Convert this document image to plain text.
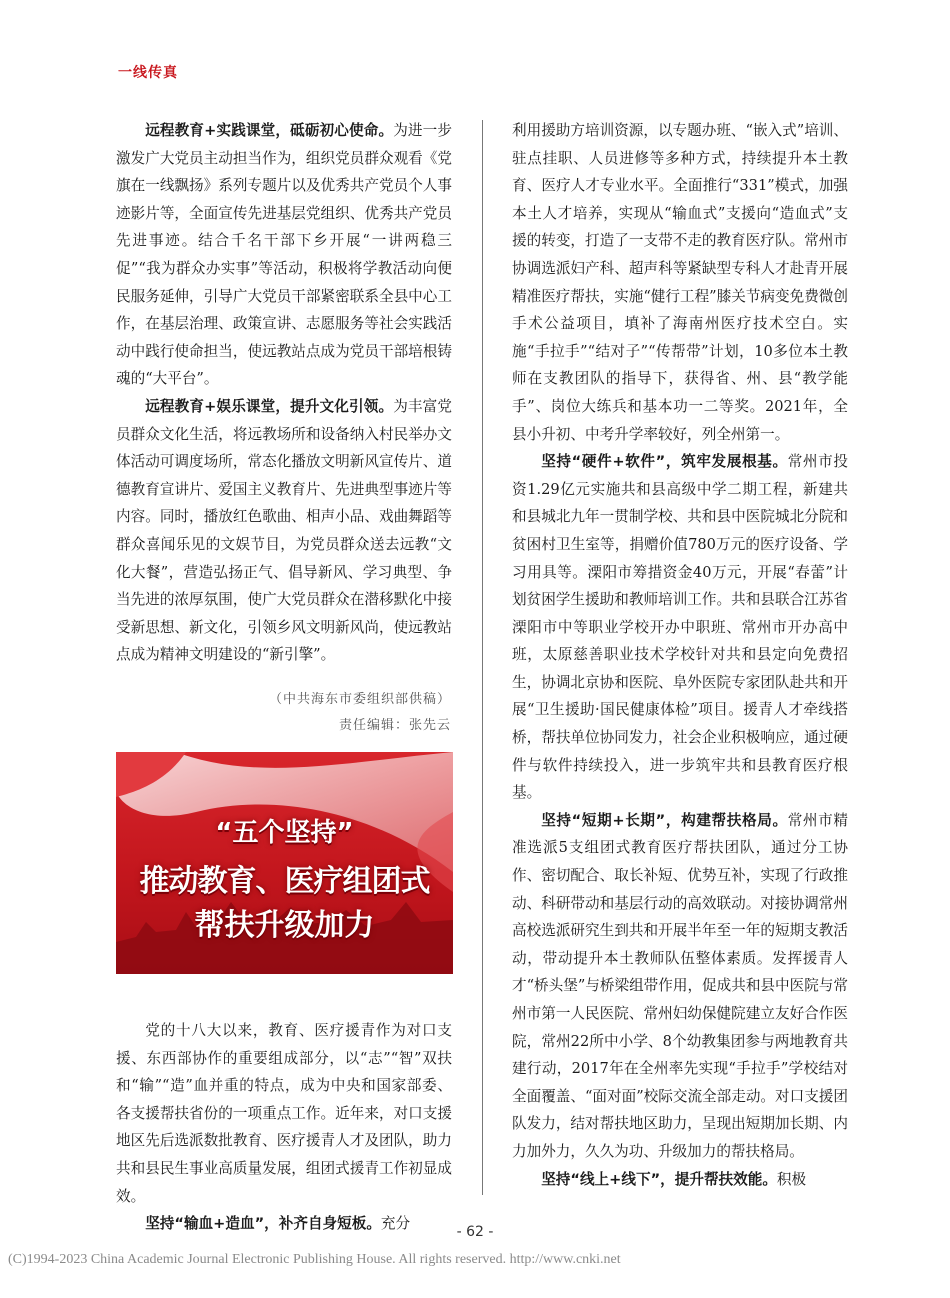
一线传真

远程教育+实践课堂，砥砺初心使命。为进一步激发广大党员主动担当作为，组织党员群众观看《党旗在一线飘扬》系列专题片以及优秀共产党员个人事迹影片等，全面宣传先进基层党组织、优秀共产党员先进事迹。结合千名干部下乡开展“一讲两稳三促”“我为群众办实事”等活动，积极将学教活动向便民服务延伸，引导广大党员干部紧密联系全县中心工作，在基层治理、政策宣讲、志愿服务等社会实践活动中践行使命担当，使远教站点成为党员干部培根铸魂的“大平台”。

远程教育+娱乐课堂，提升文化引领。为丰富党员群众文化生活，将远教场所和设备纳入村民举办文体活动可调度场所，常态化播放文明新风宣传片、道德教育宣讲片、爱国主义教育片、先进典型事迹片等内容。同时，播放红色歌曲、相声小品、戏曲舞蹈等群众喜闻乐见的文娱节目，为党员群众送去远教“文化大餐”，营造弘扬正气、倡导新风、学习典型、争当先进的浓厚氛围，使广大党员群众在潜移默化中接受新思想、新文化，引领乡风文明新风尚，使远教站点成为精神文明建设的“新引擎”。

（中共海东市委组织部供稿）
责任编辑：张先云
“五个坚持”
推动教育、医疗组团式
帮扶升级加力

党的十八大以来，教育、医疗援青作为对口支援、东西部协作的重要组成部分，以“志”“智”双扶和“输”“造”血并重的特点，成为中央和国家部委、各支援帮扶省份的一项重点工作。近年来，对口支援地区先后选派数批教育、医疗援青人才及团队，助力共和县民生事业高质量发展，组团式援青工作初显成效。

坚持“输血+造血”，补齐自身短板。充分

利用援助方培训资源，以专题办班、“嵌入式”培训、驻点挂职、人员进修等多种方式，持续提升本土教育、医疗人才专业水平。全面推行“331”模式，加强本土人才培养，实现从“输血式”支援向“造血式”支援的转变，打造了一支带不走的教育医疗队。常州市协调选派妇产科、超声科等紧缺型专科人才赴青开展精准医疗帮扶，实施“健行工程”膝关节病变免费微创手术公益项目，填补了海南州医疗技术空白。实施“手拉手”“结对子”“传帮带”计划，10多位本土教师在支教团队的指导下，获得省、州、县“教学能手”、岗位大练兵和基本功一二等奖。2021年，全县小升初、中考升学率较好，列全州第一。

坚持“硬件+软件”，筑牢发展根基。常州市投资1.29亿元实施共和县高级中学二期工程，新建共和县城北九年一贯制学校、共和县中医院城北分院和贫困村卫生室等，捐赠价值780万元的医疗设备、学习用具等。溧阳市筹措资金40万元，开展“春蕾”计划贫困学生援助和教师培训工作。共和县联合江苏省溧阳市中等职业学校开办中职班、常州市开办高中班，太原慈善职业技术学校针对共和县定向免费招生，协调北京协和医院、阜外医院专家团队赴共和开展“卫生援助·国民健康体检”项目。援青人才牵线搭桥，帮扶单位协同发力，社会企业积极响应，通过硬件与软件持续投入，进一步筑牢共和县教育医疗根基。

坚持“短期+长期”，构建帮扶格局。常州市精准选派5支组团式教育医疗帮扶团队，通过分工协作、密切配合、取长补短、优势互补，实现了行政推动、科研带动和基层行动的高效联动。对接协调常州高校选派研究生到共和开展半年至一年的短期支教活动，带动提升本土教师队伍整体素质。发挥援青人才“桥头堡”与桥梁组带作用，促成共和县中医院与常州市第一人民医院、常州妇幼保健院建立友好合作医院，常州22所中小学、8个幼教集团参与两地教育共建行动，2017年在全州率先实现“手拉手”学校结对全面覆盖、“面对面”校际交流全部走动。对口支援团队发力，结对帮扶地区助力，呈现出短期加长期、内力加外力，久久为功、升级加力的帮扶格局。

坚持“线上+线下”，提升帮扶效能。积极

- 62 -
(C)1994-2023 China Academic Journal Electronic Publishing House. All rights reserved. http://www.cnki.net
